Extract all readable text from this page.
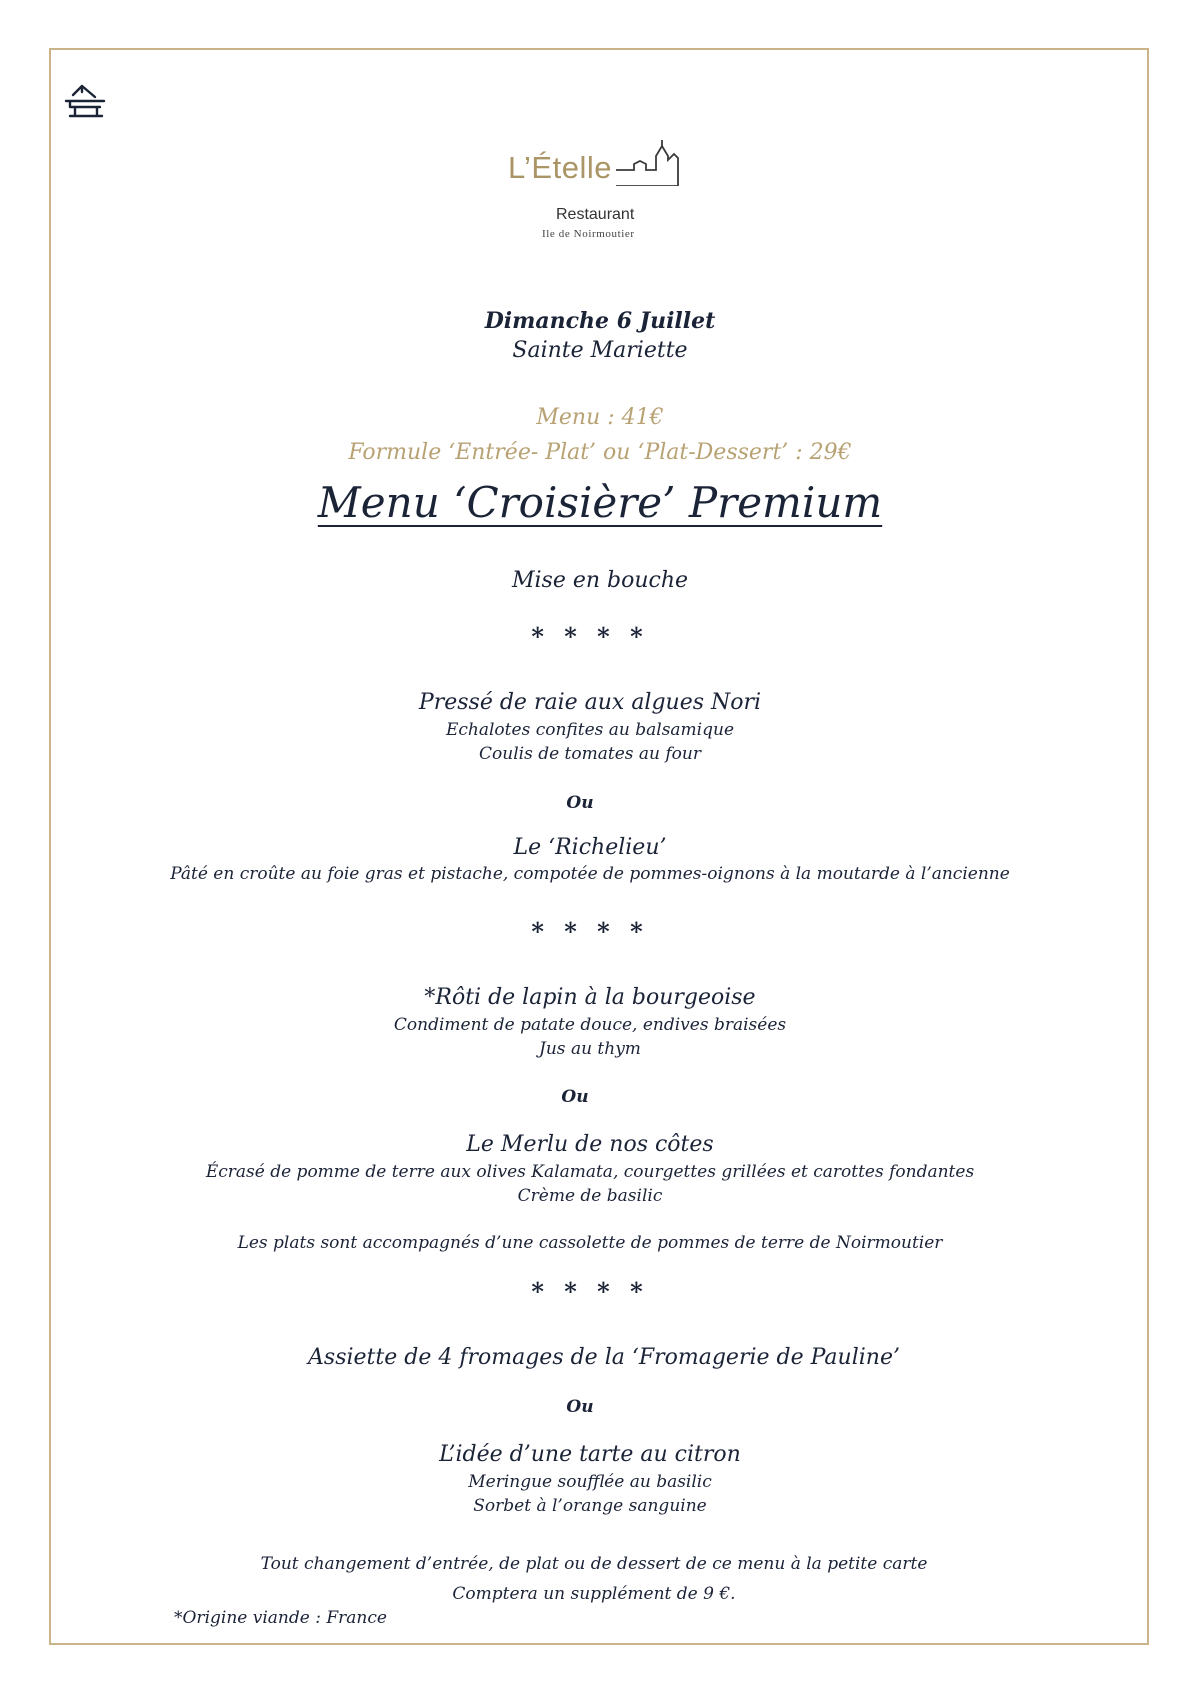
L’Ételle
Restaurant
Ile de Noirmoutier
Dimanche 6 Juillet
Sainte Mariette
Menu : 41€
Formule ‘Entrée- Plat’ ou ‘Plat-Dessert’ : 29€
Menu ‘Croisière’ Premium
Mise en bouche
* * * *
Pressé de raie aux algues Nori
Echalotes confites au balsamique
Coulis de tomates au four
Ou
Le ‘Richelieu’
Pâté en croûte au foie gras et pistache, compotée de pommes-oignons à la moutarde à l’ancienne
* * * *
*Rôti de lapin à la bourgeoise
Condiment de patate douce, endives braisées
Jus au thym
Ou
Le Merlu de nos côtes
Écrasé de pomme de terre aux olives Kalamata, courgettes grillées et carottes fondantes
Crème de basilic
Les plats sont accompagnés d’une cassolette de pommes de terre de Noirmoutier
* * * *
Assiette de 4 fromages de la ‘Fromagerie de Pauline’
Ou
L’idée d’une tarte au citron
Meringue soufflée au basilic
Sorbet à l’orange sanguine
Tout changement d’entrée, de plat ou de dessert de ce menu à la petite carte
Comptera un supplément de 9 €.
*Origine viande : France
